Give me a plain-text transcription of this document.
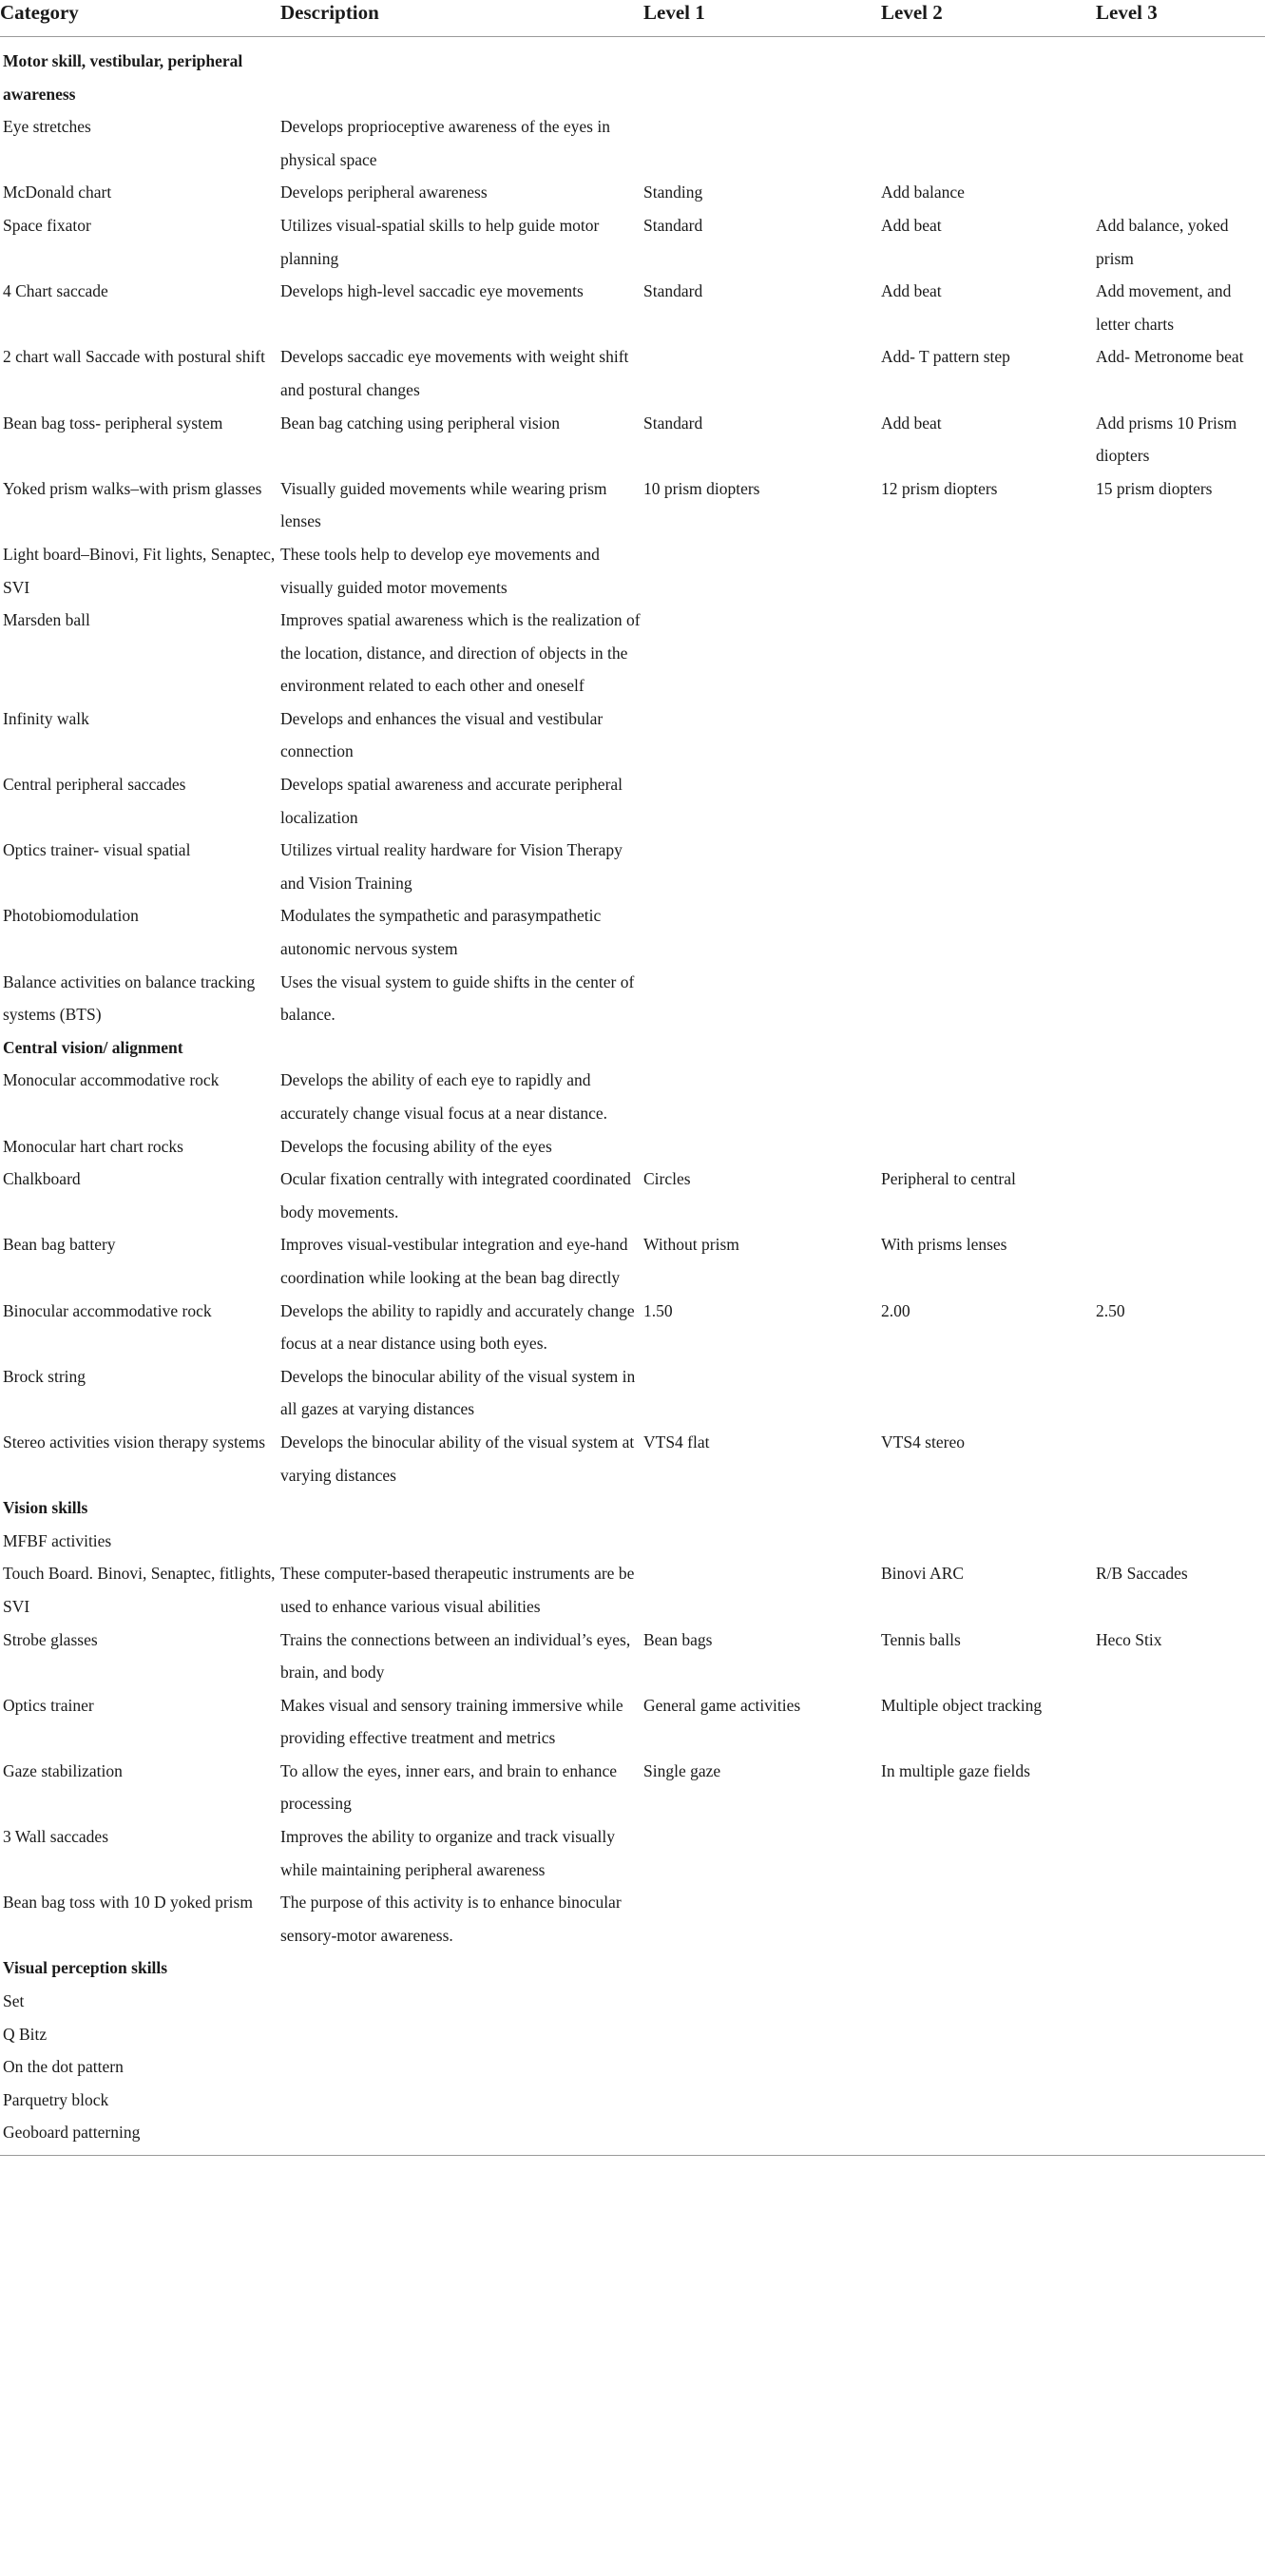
Category	Description	Level 1	Level 2	Level 3
Motor skill, vestibular, peripheral awareness				
Eye stretches	Develops proprioceptive awareness of the eyes in physical space			
McDonald chart	Develops peripheral awareness	Standing	Add balance	
Space fixator	Utilizes visual-spatial skills to help guide motor planning	Standard	Add beat	Add balance, yoked prism
4 Chart saccade	Develops high-level saccadic eye movements	Standard	Add beat	Add movement, and letter charts
2 chart wall Saccade with postural shift	Develops saccadic eye movements with weight shift and postural changes		Add- T pattern step	Add- Metronome beat
Bean bag toss- peripheral system	Bean bag catching using peripheral vision	Standard	Add beat	Add prisms 10 Prism diopters
Yoked prism walks–with prism glasses	Visually guided movements while wearing prism lenses	10 prism diopters	12 prism diopters	15 prism diopters
Light board–Binovi, Fit lights, Senaptec, SVI	These tools help to develop eye movements and visually guided motor movements			
Marsden ball	Improves spatial awareness which is the realization of the location, distance, and direction of objects in the environment related to each other and oneself			
Infinity walk	Develops and enhances the visual and vestibular connection			
Central peripheral saccades	Develops spatial awareness and accurate peripheral localization			
Optics trainer- visual spatial	Utilizes virtual reality hardware for Vision Therapy and Vision Training			
Photobiomodulation	Modulates the sympathetic and parasympathetic autonomic nervous system			
Balance activities on balance tracking systems (BTS)	Uses the visual system to guide shifts in the center of balance.			
Central vision/ alignment				
Monocular accommodative rock	Develops the ability of each eye to rapidly and accurately change visual focus at a near distance.			
Monocular hart chart rocks	Develops the focusing ability of the eyes			
Chalkboard	Ocular fixation centrally with integrated coordinated body movements.	Circles	Peripheral to central	
Bean bag battery	Improves visual-vestibular integration and eye-hand coordination while looking at the bean bag directly	Without prism	With prisms lenses	
Binocular accommodative rock	Develops the ability to rapidly and accurately change focus at a near distance using both eyes.	1.50	2.00	2.50
Brock string	Develops the binocular ability of the visual system in all gazes at varying distances			
Stereo activities vision therapy systems	Develops the binocular ability of the visual system at varying distances	VTS4 flat	VTS4 stereo	
Vision skills				
MFBF activities				
Touch Board. Binovi, Senaptec, fitlights, SVI	These computer-based therapeutic instruments are be used to enhance various visual abilities		Binovi ARC	R/B Saccades
Strobe glasses	Trains the connections between an individual’s eyes, brain, and body	Bean bags	Tennis balls	Heco Stix
Optics trainer	Makes visual and sensory training immersive while providing effective treatment and metrics	General game activities	Multiple object tracking	
Gaze stabilization	To allow the eyes, inner ears, and brain to enhance processing	Single gaze	In multiple gaze fields	
3 Wall saccades	Improves the ability to organize and track visually while maintaining peripheral awareness			
Bean bag toss with 10 D yoked prism	The purpose of this activity is to enhance binocular sensory-motor awareness.			
Visual perception skills				
Set				
Q Bitz				
On the dot pattern				
Parquetry block				
Geoboard patterning				
